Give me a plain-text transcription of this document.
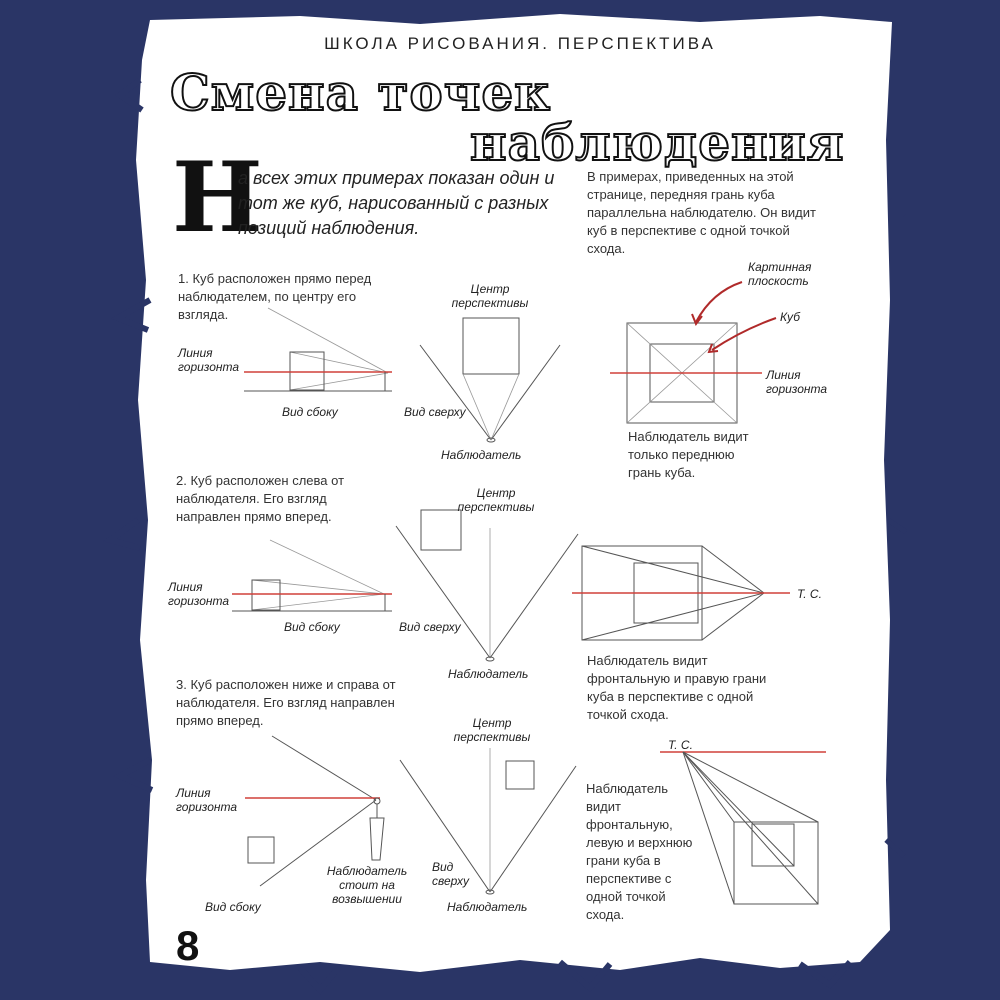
ШКОЛА РИСОВАНИЯ. ПЕРСПЕКТИВА
Смена точек
наблюдения
Н
а всех этих примерах показан один и тот же куб, нарисованный с разных позиций наблюдения.
В примерах, приведенных на этой странице, передняя грань куба параллельна наблюдателю. Он видит куб в перспективе с одной точкой схода.
1. Куб расположен прямо перед наблюдателем, по центру его взгляда.
Линия горизонта
Вид сбоку
Центр перспективы
Вид сверху
Наблюдатель
Картинная плоскость
Куб
Линия горизонта
Наблюдатель видит только переднюю грань куба.
2. Куб расположен слева от наблюдателя. Его взгляд направлен прямо вперед.
Линия горизонта
Вид сбоку
Центр перспективы
Вид сверху
Наблюдатель
Т. С.
Наблюдатель видит фронтальную и правую грани куба в перспективе с одной точкой схода.
3. Куб расположен ниже и справа от наблюдателя. Его взгляд направлен прямо вперед.
Линия горизонта
Вид сбоку
Наблюдатель стоит на возвышении
Центр перспективы
Вид сверху
Наблюдатель
Т. С.
Наблюдатель видит фронтальную, левую и верхнюю грани куба в перспективе с одной точкой схода.
8
